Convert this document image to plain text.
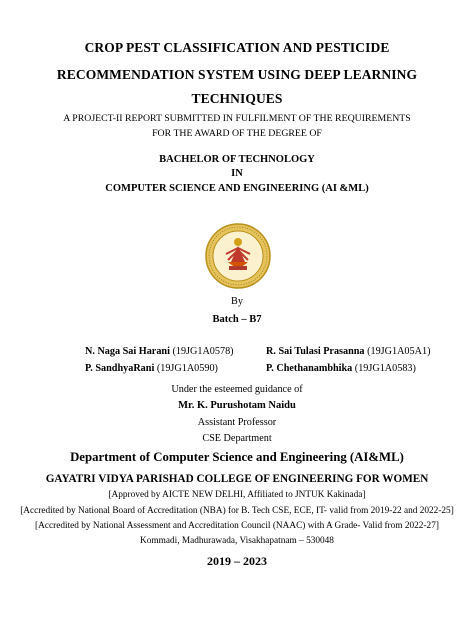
CROP PEST CLASSIFICATION AND PESTICIDE
RECOMMENDATION SYSTEM USING DEEP LEARNING
TECHNIQUES
A PROJECT-II REPORT SUBMITTED IN FULFILMENT OF THE REQUIREMENTS
FOR THE AWARD OF THE DEGREE OF
BACHELOR OF TECHNOLOGY
IN
COMPUTER SCIENCE AND ENGINEERING (AI &ML)
By
Batch – B7
N. Naga Sai Harani (19JG1A0578)	R. Sai Tulasi Prasanna (19JG1A05A1)
P. SandhyaRani (19JG1A0590)	P. Chethanambhika (19JG1A0583)
Under the esteemed guidance of
Mr. K. Purushotam Naidu
Assistant Professor
CSE Department
Department of Computer Science and Engineering (AI&ML)
GAYATRI VIDYA PARISHAD COLLEGE OF ENGINEERING FOR WOMEN
[Approved by AICTE NEW DELHI, Affiliated to JNTUK Kakinada]
[Accredited by National Board of Accreditation (NBA) for B. Tech CSE, ECE, IT- valid from 2019-22 and 2022-25]
[Accredited by National Assessment and Accreditation Council (NAAC) with A Grade- Valid from 2022-27]
Kommadi, Madhurawada, Visakhapatnam – 530048
2019 – 2023
